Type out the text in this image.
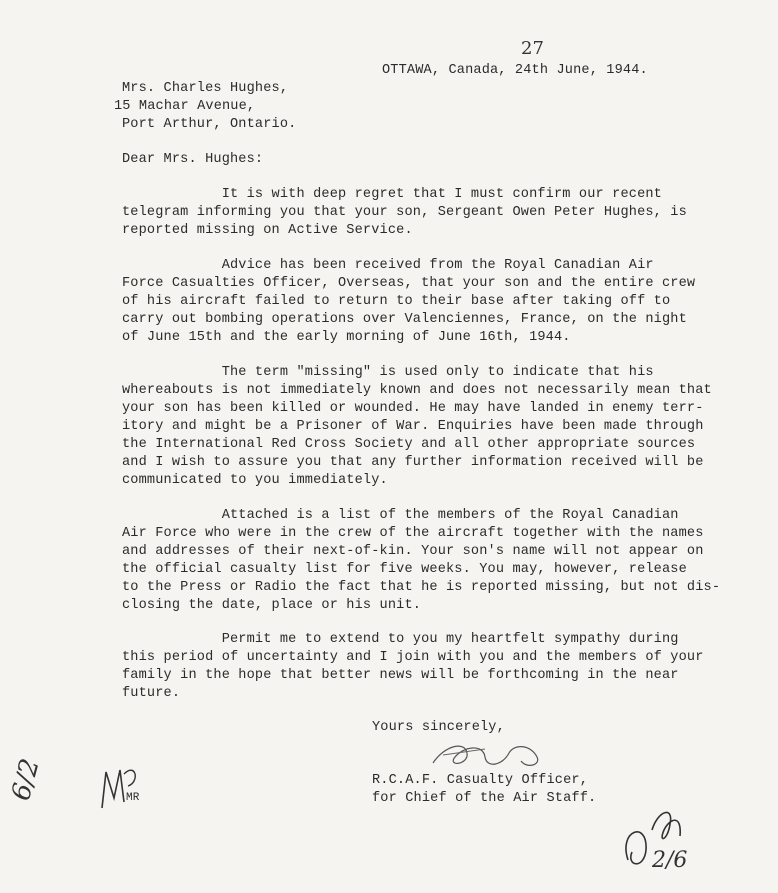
27
OTTAWA, Canada, 24th June, 1944.
Mrs. Charles Hughes,
15 Machar Avenue,
Port Arthur, Ontario.
Dear Mrs. Hughes:
It is with deep regret that I must confirm our recent
telegram informing you that your son, Sergeant Owen Peter Hughes, is
reported missing on Active Service.
Advice has been received from the Royal Canadian Air
Force Casualties Officer, Overseas, that your son and the entire crew
of his aircraft failed to return to their base after taking off to
carry out bombing operations over Valenciennes, France, on the night
of June 15th and the early morning of June 16th, 1944.
The term "missing" is used only to indicate that his
whereabouts is not immediately known and does not necessarily mean that
your son has been killed or wounded. He may have landed in enemy terr-
itory and might be a Prisoner of War. Enquiries have been made through
the International Red Cross Society and all other appropriate sources
and I wish to assure you that any further information received will be
communicated to you immediately.
Attached is a list of the members of the Royal Canadian
Air Force who were in the crew of the aircraft together with the names
and addresses of their next-of-kin. Your son's name will not appear on
the official casualty list for five weeks. You may, however, release
to the Press or Radio the fact that he is reported missing, but not dis-
closing the date, place or his unit.
Permit me to extend to you my heartfelt sympathy during
this period of uncertainty and I join with you and the members of your
family in the hope that better news will be forthcoming in the near
future.
Yours sincerely,
R.C.A.F. Casualty Officer,
for Chief of the Air Staff.
MR
6/2
2/6
